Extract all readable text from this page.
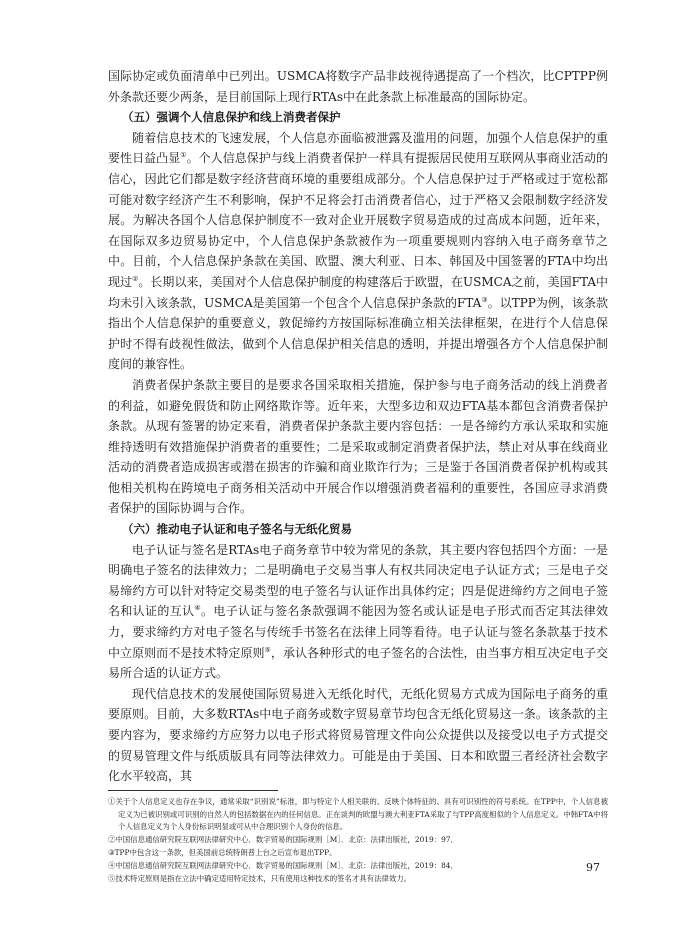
国际协定或负面清单中已列出。USMCA将数字产品非歧视待遇提高了一个档次，比CPTPP例外条款还要少两条，是目前国际上现行RTAs中在此条款上标准最高的国际协定。

（五）强调个人信息保护和线上消费者保护

随着信息技术的飞速发展，个人信息亦面临被泄露及滥用的问题，加强个人信息保护的重要性日益凸显①。个人信息保护与线上消费者保护一样具有提振居民使用互联网从事商业活动的信心，因此它们都是数字经济营商环境的重要组成部分。个人信息保护过于严格或过于宽松都可能对数字经济产生不利影响，保护不足将会打击消费者信心，过于严格又会限制数字经济发展。为解决各国个人信息保护制度不一致对企业开展数字贸易造成的过高成本问题，近年来，在国际双多边贸易协定中，个人信息保护条款被作为一项重要规则内容纳入电子商务章节之中。目前，个人信息保护条款在美国、欧盟、澳大利亚、日本、韩国及中国签署的FTA中均出现过②。长期以来，美国对个人信息保护制度的构建落后于欧盟，在USMCA之前，美国FTA中均未引入该条款，USMCA是美国第一个包含个人信息保护条款的FTA③。以TPP为例，该条款指出个人信息保护的重要意义，敦促缔约方按国际标准确立相关法律框架，在进行个人信息保护时不得有歧视性做法，做到个人信息保护相关信息的透明，并提出增强各方个人信息保护制度间的兼容性。

消费者保护条款主要目的是要求各国采取相关措施，保护参与电子商务活动的线上消费者的利益，如避免假货和防止网络欺诈等。近年来，大型多边和双边FTA基本都包含消费者保护条款。从现有签署的协定来看，消费者保护条款主要内容包括：一是各缔约方承认采取和实施维持透明有效措施保护消费者的重要性；二是采取或制定消费者保护法，禁止对从事在线商业活动的消费者造成损害或潜在损害的诈骗和商业欺诈行为；三是鉴于各国消费者保护机构或其他相关机构在跨境电子商务相关活动中开展合作以增强消费者福利的重要性，各国应寻求消费者保护的国际协调与合作。

（六）推动电子认证和电子签名与无纸化贸易

电子认证与签名是RTAs电子商务章节中较为常见的条款，其主要内容包括四个方面：一是明确电子签名的法律效力；二是明确电子交易当事人有权共同决定电子认证方式；三是电子交易缔约方可以针对特定交易类型的电子签名与认证作出具体约定；四是促进缔约方之间电子签名和认证的互认④。电子认证与签名条款强调不能因为签名或认证是电子形式而否定其法律效力，要求缔约方对电子签名与传统手书签名在法律上同等看待。电子认证与签名条款基于技术中立原则而不是技术特定原则⑤，承认各种形式的电子签名的合法性，由当事方相互决定电子交易所合适的认证方式。

现代信息技术的发展使国际贸易进入无纸化时代，无纸化贸易方式成为国际电子商务的重要原则。目前，大多数RTAs中电子商务或数字贸易章节均包含无纸化贸易这一条。该条款的主要内容为，要求缔约方应努力以电子形式将贸易管理文件向公众提供以及接受以电子方式提交的贸易管理文件与纸质版具有同等法律效力。可能是由于美国、日本和欧盟三者经济社会数字化水平较高，其

①关于个人信息定义也存在争议，通常采取“识别说”标准，即与特定个人相关联的、反映个体特征的、具有可识别性的符号系统。在TPP中，个人信息被定义为已被识别或可识别的自然人的包括数据在内的任何信息。正在谈判的欧盟与澳大利亚FTA采取了与TPP高度相似的个人信息定义。中韩FTA中将个人信息定义为个人身份标识明显或可从中合理识别个人身份的信息。

②中国信息通信研究院互联网法律研究中心．数字贸易的国际规则［M］．北京：法律出版社，2019：97．

③TPP中包含这一条款，但美国前总统特朗普上台之后宣布退出TPP。

④中国信息通信研究院互联网法律研究中心．数字贸易的国际规则［M］．北京：法律出版社，2019：84．

⑤技术特定原则是指在立法中确定适用特定技术，只有使用这种技术的签名才具有法律效力。

97
